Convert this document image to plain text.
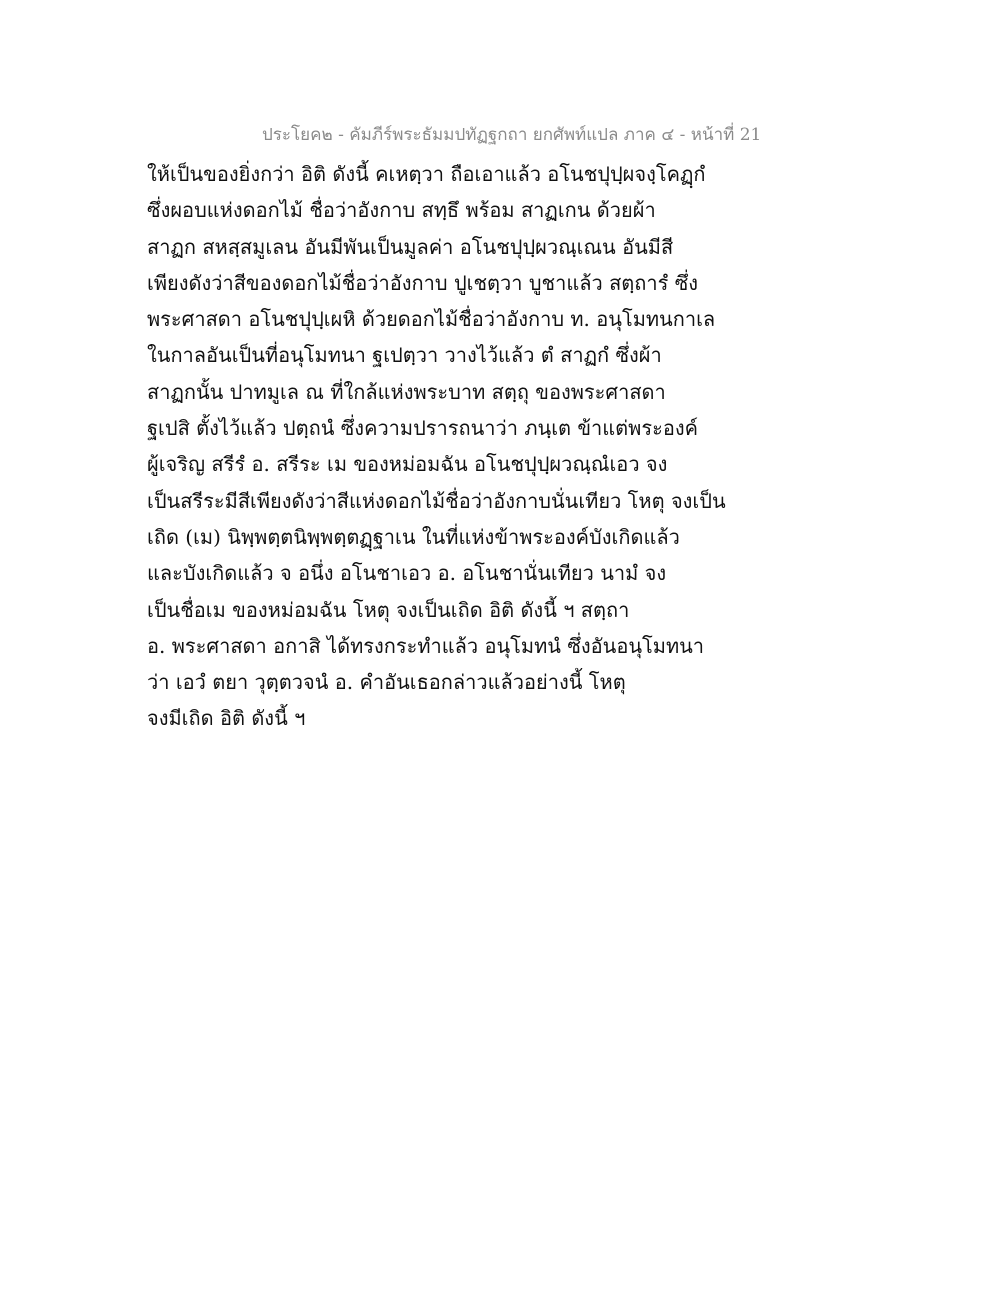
ประโยค๒ - คัมภีร์พระธัมมปทัฏฐกถา ยกศัพท์แปล ภาค ๔ - หน้าที่ 21
ให้เป็นของยิ่งกว่า อิติ ดังนี้ คเหตฺวา ถือเอาแล้ว อโนชปุปฺผจงฺโคฏฺกํ
ซึ่งผอบแห่งดอกไม้ ชื่อว่าอังกาบ สทฺธึ พร้อม สาฏเกน ด้วยผ้า
สาฏก สหสฺสมูเลน อันมีพันเป็นมูลค่า อโนชปุปฺผวณฺเณน อันมีสี
เพียงดังว่าสีของดอกไม้ชื่อว่าอังกาบ ปูเชตฺวา บูชาแล้ว สตฺถารํ ซึ่ง
พระศาสดา อโนชปุปฺเผหิ ด้วยดอกไม้ชื่อว่าอังกาบ ท. อนุโมทนกาเล
ในกาลอันเป็นที่อนุโมทนา ฐเปตฺวา วางไว้แล้ว ตํ สาฏกํ ซึ่งผ้า
สาฏกนั้น ปาทมูเล ณ ที่ใกล้แห่งพระบาท สตฺถุ ของพระศาสดา
ฐเปสิ ตั้งไว้แล้ว ปตฺถนํ ซึ่งความปรารถนาว่า ภนฺเต ข้าแต่พระองค์
ผู้เจริญ สรีรํ อ. สรีระ เม ของหม่อมฉัน อโนชปุปฺผวณฺณํเอว จง
เป็นสรีระมีสีเพียงดังว่าสีแห่งดอกไม้ชื่อว่าอังกาบนั่นเทียว โหตุ จงเป็น
เถิด (เม) นิพฺพตฺตนิพฺพตฺตฏฺฐาเน ในที่แห่งข้าพระองค์บังเกิดแล้ว
และบังเกิดแล้ว จ อนึ่ง อโนชาเอว อ. อโนชานั่นเทียว นามํ จง
เป็นชื่อเม ของหม่อมฉัน โหตุ จงเป็นเถิด อิติ ดังนี้ ฯ สตฺถา
อ. พระศาสดา อกาสิ ได้ทรงกระทำแล้ว อนุโมทนํ ซึ่งอันอนุโมทนา
ว่า เอวํ ตยา วุตฺตวจนํ อ. คำอันเธอกล่าวแล้วอย่างนี้ โหตุ
จงมีเถิด อิติ ดังนี้ ฯ
